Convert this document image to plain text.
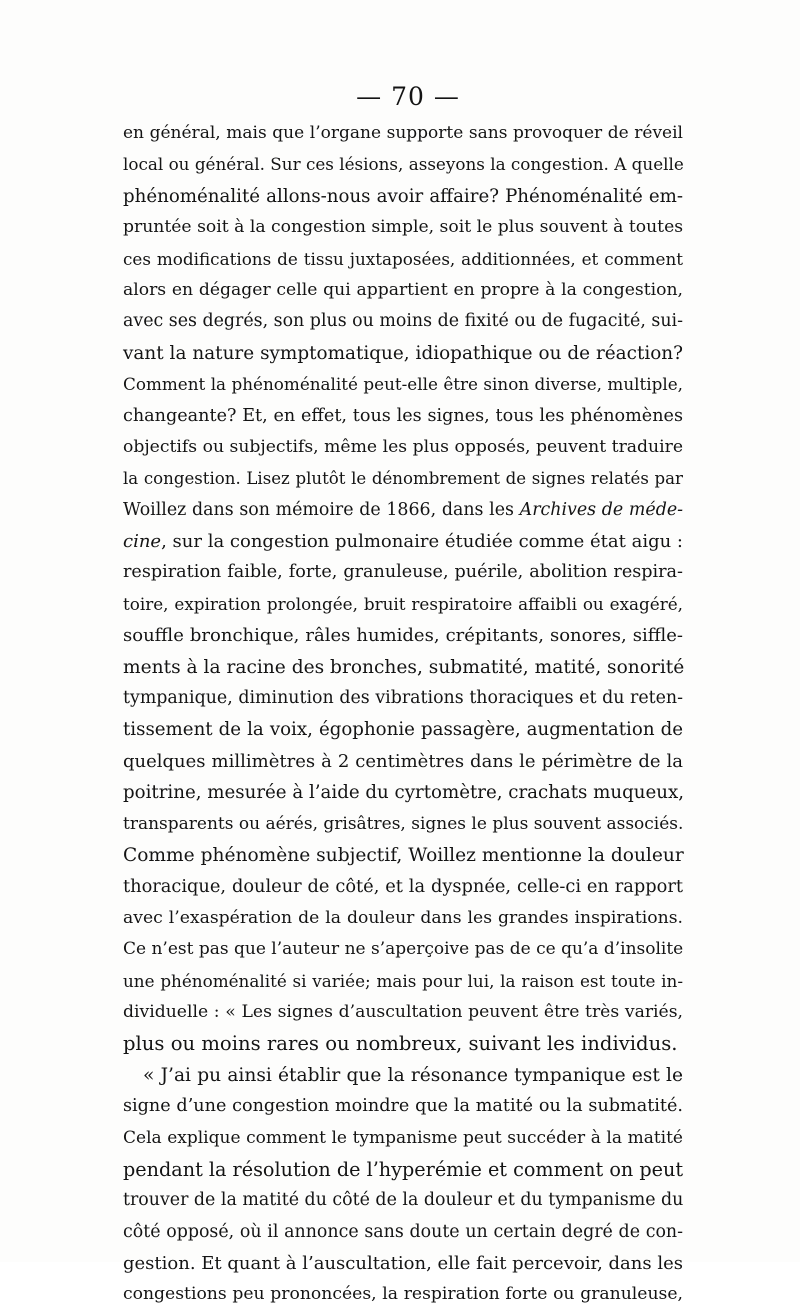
— 70 —
en général, mais que l’organe supporte sans provoquer de réveil
local ou général. Sur ces lésions, asseyons la congestion. A quelle
phénoménalité allons-nous avoir affaire? Phénoménalité em-
pruntée soit à la congestion simple, soit le plus souvent à toutes
ces modifications de tissu juxtaposées, additionnées, et comment
alors en dégager celle qui appartient en propre à la congestion,
avec ses degrés, son plus ou moins de fixité ou de fugacité, sui-
vant la nature symptomatique, idiopathique ou de réaction?
Comment la phénoménalité peut-elle être sinon diverse, multiple,
changeante? Et, en effet, tous les signes, tous les phénomènes
objectifs ou subjectifs, même les plus opposés, peuvent traduire
la congestion. Lisez plutôt le dénombrement de signes relatés par
Woillez dans son mémoire de 1866, dans les Archives de méde-
cine, sur la congestion pulmonaire étudiée comme état aigu :
respiration faible, forte, granuleuse, puérile, abolition respira-
toire, expiration prolongée, bruit respiratoire affaibli ou exagéré,
souffle bronchique, râles humides, crépitants, sonores, siffle-
ments à la racine des bronches, submatité, matité, sonorité
tympanique, diminution des vibrations thoraciques et du reten-
tissement de la voix, égophonie passagère, augmentation de
quelques millimètres à 2 centimètres dans le périmètre de la
poitrine, mesurée à l’aide du cyrtomètre, crachats muqueux,
transparents ou aérés, grisâtres, signes le plus souvent associés.
Comme phénomène subjectif, Woillez mentionne la douleur
thoracique, douleur de côté, et la dyspnée, celle-ci en rapport
avec l’exaspération de la douleur dans les grandes inspirations.
Ce n’est pas que l’auteur ne s’aperçoive pas de ce qu’a d’insolite
une phénoménalité si variée; mais pour lui, la raison est toute in-
dividuelle : « Les signes d’auscultation peuvent être très variés,
plus ou moins rares ou nombreux, suivant les individus.
« J’ai pu ainsi établir que la résonance tympanique est le
signe d’une congestion moindre que la matité ou la submatité.
Cela explique comment le tympanisme peut succéder à la matité
pendant la résolution de l’hyperémie et comment on peut
trouver de la matité du côté de la douleur et du tympanisme du
côté opposé, où il annonce sans doute un certain degré de con-
gestion. Et quant à l’auscultation, elle fait percevoir, dans les
congestions peu prononcées, la respiration forte ou granuleuse,
